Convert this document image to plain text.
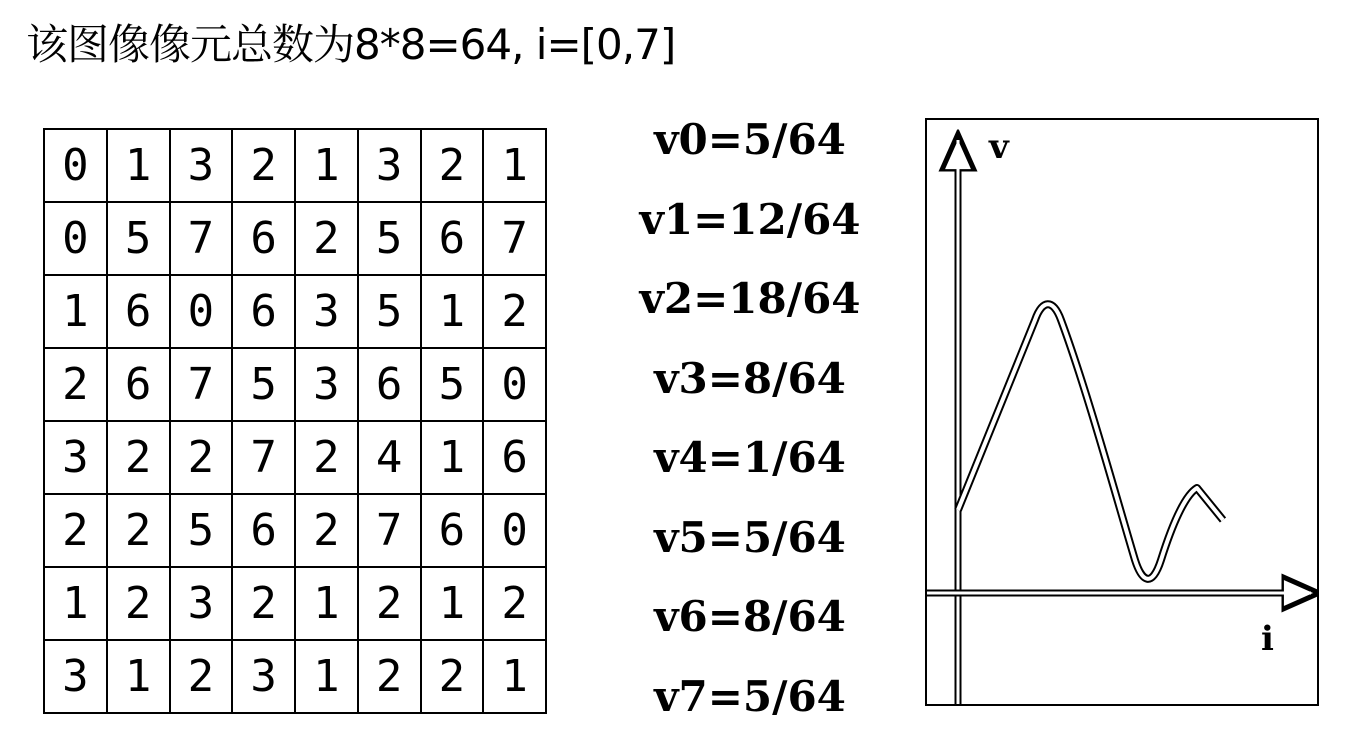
该图像像元总数为8*8=64, i=[0,7]
0	1	3	2	1	3	2	1
0	5	7	6	2	5	6	7
1	6	0	6	3	5	1	2
2	6	7	5	3	6	5	0
3	2	2	7	2	4	1	6
2	2	5	6	2	7	6	0
1	2	3	2	1	2	1	2
3	1	2	3	1	2	2	1
v0=5/64
v1=12/64
v2=18/64
v3=8/64
v4=1/64
v5=5/64
v6=8/64
v7=5/64
v
i
